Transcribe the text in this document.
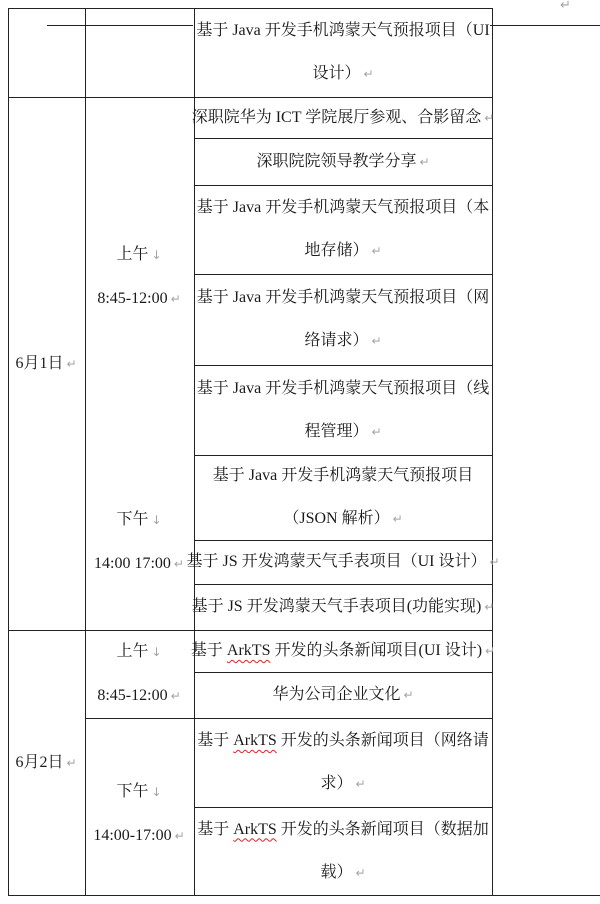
↵
6月1日 ↵
6月2日 ↵
上午 ↓
8:45-12:00 ↵
下午 ↓
14:00 17:00 ↵
上午 ↓
8:45-12:00 ↵
下午 ↓
14:00-17:00 ↵
基于 Java 开发手机鸿蒙天气预报项目（UI
设计） ↵
深职院华为 ICT 学院展厅参观、合影留念 ↵
深职院院领导教学分享 ↵
基于 Java 开发手机鸿蒙天气预报项目（本
地存储） ↵
基于 Java 开发手机鸿蒙天气预报项目（网
络请求） ↵
基于 Java 开发手机鸿蒙天气预报项目（线
程管理） ↵
基于 Java 开发手机鸿蒙天气预报项目
（JSON 解析） ↵
基于 JS 开发鸿蒙天气手表项目（UI 设计） ↵
基于 JS 开发鸿蒙天气手表项目(功能实现) ↵
基于 ArkTS 开发的头条新闻项目(UI 设计) ↵
华为公司企业文化 ↵
基于 ArkTS 开发的头条新闻项目（网络请
求） ↵
基于 ArkTS 开发的头条新闻项目（数据加
载） ↵
